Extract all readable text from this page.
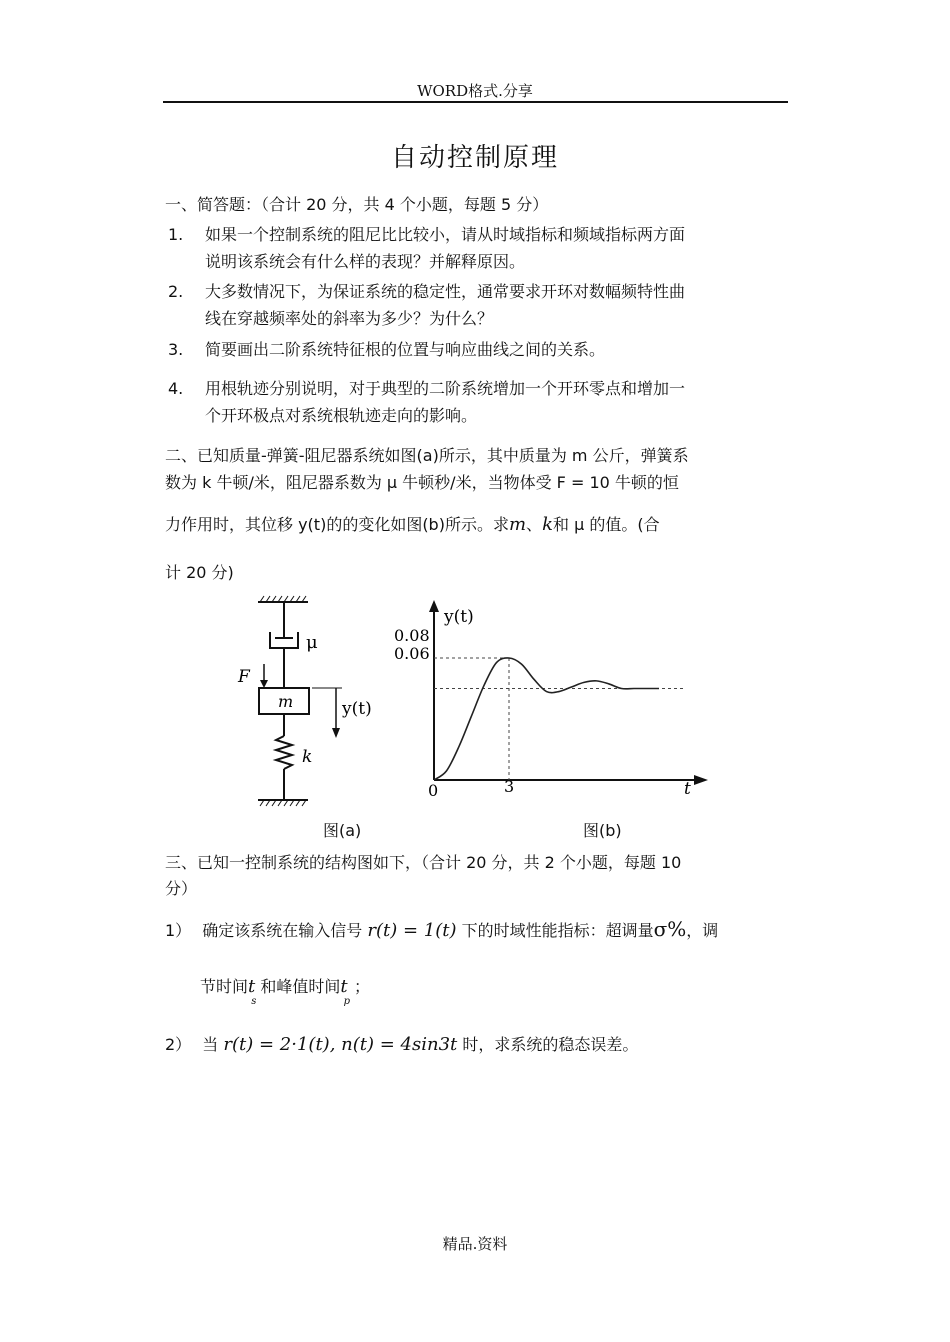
WORD格式.分享
自动控制原理
一、简答题：（合计 20 分，共 4 个小题，每题 5 分）
1.	如果一个控制系统的阻尼比比较小，请从时域指标和频域指标两方面
说明该系统会有什么样的表现？并解释原因。
2.	大多数情况下，为保证系统的稳定性，通常要求开环对数幅频特性曲
线在穿越频率处的斜率为多少？为什么？
3.	简要画出二阶系统特征根的位置与响应曲线之间的关系。
4.	用根轨迹分别说明，对于典型的二阶系统增加一个开环零点和增加一
个开环极点对系统根轨迹走向的影响。
二、已知质量-弹簧-阻尼器系统如图(a)所示，其中质量为 m 公斤，弹簧系
数为 k 牛顿/米，阻尼器系数为 μ 牛顿秒/米，当物体受 F = 10 牛顿的恒
力作用时，其位移 y(t)的的变化如图(b)所示。求m、k和 μ 的值。(合
计 20 分)
μ
F
m	y(t)
k
y(t)
t
0.08
0.06
0	3
图(a)	图(b)
三、已知一控制系统的结构图如下，（合计 20 分，共 2 个小题，每题 10
分）
1） 确定该系统在输入信号 r(t) = 1(t) 下的时域性能指标：超调量σ%，调
节时间$t_s$和峰值时间$t_p$；
2） 当 r(t) = 2·1(t), n(t) = 4sin3t 时，求系统的稳态误差。
精品.资料
